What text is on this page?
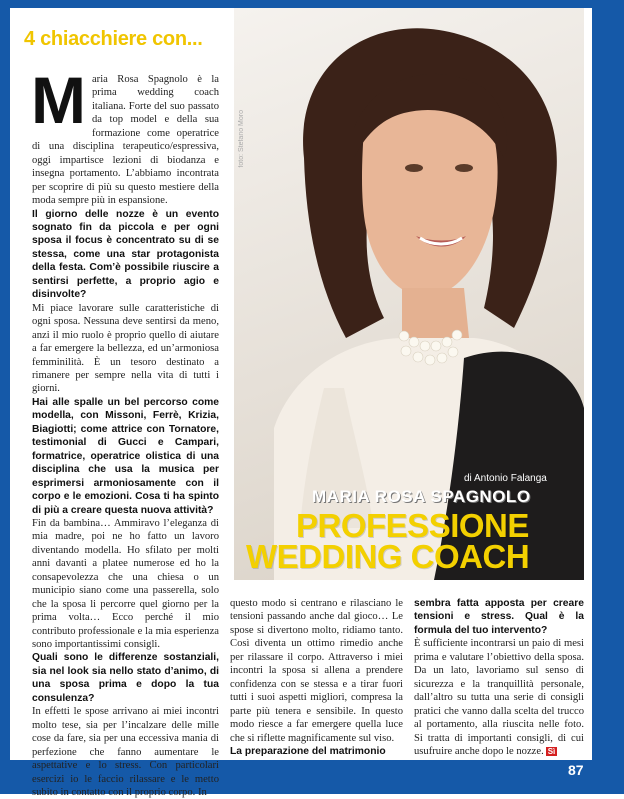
4 chiacchiere con...
foto: Stefano Moro
di Antonio Falanga
MARIA ROSA SPAGNOLO
PROFESSIONE
WEDDING COACH

Maria Rosa Spagnolo è la prima wedding coach italiana. Forte del suo passato da top model e della sua formazione come operatrice di una disciplina terapeutico/espressiva, oggi impartisce lezioni di biodanza e insegna portamento. L’abbiamo incontrata per scoprire di più su questo mestiere della moda sempre più in espansione.

Il giorno delle nozze è un evento sognato fin da piccola e per ogni sposa il focus è concentrato su di se stessa, come una star protagonista della festa. Com’è possibile riuscire a sentirsi perfette, a proprio agio e disinvolte?

Mi piace lavorare sulle caratteristiche di ogni sposa. Nessuna deve sentirsi da meno, anzi il mio ruolo è proprio quello di aiutare a far emergere la bellezza, ed un’armoniosa femminilità. È un tesoro destinato a rimanere per sempre nella vita di tutti i giorni.

Hai alle spalle un bel percorso come modella, con Missoni, Ferrè, Krizia, Biagiotti; come attrice con Tornatore, testimonial di Gucci e Campari, formatrice, operatrice olistica di una disciplina che usa la musica per esprimersi armoniosamente con il corpo e le emozioni. Cosa ti ha spinto di più a creare questa nuova attività?

Fin da bambina… Ammiravo l’eleganza di mia madre, poi ne ho fatto un lavoro diventando modella. Ho sfilato per molti anni davanti a platee numerose ed ho la consapevolezza che una chiesa o un municipio siano come una passerella, solo che la sposa li percorre quel giorno per la prima volta… Ecco perché il mio contributo professionale e la mia esperienza sono importantissimi consigli.

Quali sono le differenze sostanziali, sia nel look sia nello stato d’animo, di una sposa prima e dopo la tua consulenza?

In effetti le spose arrivano ai miei incontri molto tese, sia per l’incalzare delle mille cose da fare, sia per una eccessiva mania di perfezione che fanno aumentare le aspettative e lo stress. Con particolari esercizi io le faccio rilassare e le metto subito in contatto con il proprio corpo. In

questo modo si centrano e rilasciano le tensioni passando anche dal gioco… Le spose si divertono molto, ridiamo tanto. Così diventa un ottimo rimedio anche per rilassare il corpo. Attraverso i miei incontri la sposa si allena a prendere confidenza con se stessa e a tirar fuori tutti i suoi aspetti migliori, compresa la parte più tenera e sensibile. In questo modo riesce a far emergere quella luce che si riflette magnificamente sul viso.

La preparazione del matrimonio

sembra fatta apposta per creare tensioni e stress. Qual è la formula del tuo intervento?

È sufficiente incontrarsi un paio di mesi prima e valutare l’obiettivo della sposa. Da un lato, lavoriamo sul senso di sicurezza e la tranquillità personale, dall’altro su tutta una serie di consigli pratici che vanno dalla scelta del trucco al portamento, alla riuscita nelle foto. Si tratta di importanti consigli, di cui usufruire anche dopo le nozze. Sì

87
